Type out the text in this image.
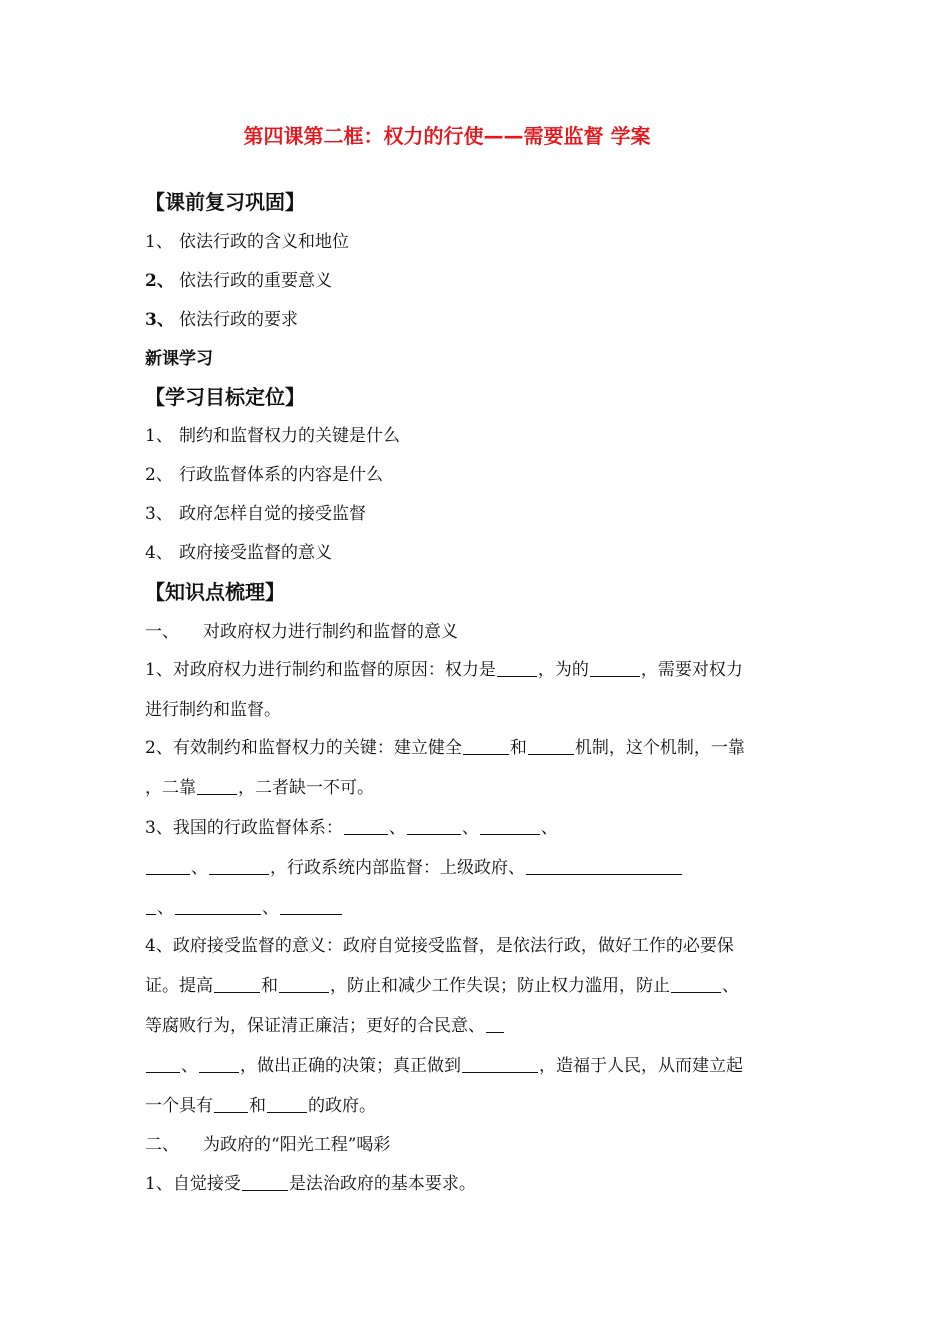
第四课第二框：权力的行使——需要监督 学案
【课前复习巩固】
1、 依法行政的含义和地位
2、 依法行政的重要意义
3、 依法行政的要求
新课学习
【学习目标定位】
1、 制约和监督权力的关键是什么
2、 行政监督体系的内容是什么
3、 政府怎样自觉的接受监督
4、 政府接受监督的意义
【知识点梳理】
一、 对政府权力进行制约和监督的意义
1、对政府权力进行制约和监督的原因：权力是 ，为的	，需要对权力
进行制约和监督。
2、有效制约和监督权力的关键：建立健全	和	机制，这个机制，一靠
，二靠 ，二者缺一不可。
3、我国的行政监督体系：	、	、	、
、	，行政系统内部监督：上级政府、
、	、
4、政府接受监督的意义：政府自觉接受监督，是依法行政，做好工作的必要保
证。提高	和	，防止和减少工作失误；防止权力滥用，防止	、
等腐败行为，保证清正廉洁；更好的合民意、
、 ，做出正确的决策；真正做到	，造福于人民，从而建立起
一个具有 和 的政府。
二、 为政府的“阳光工程”喝彩
1、自觉接受	是法治政府的基本要求。
